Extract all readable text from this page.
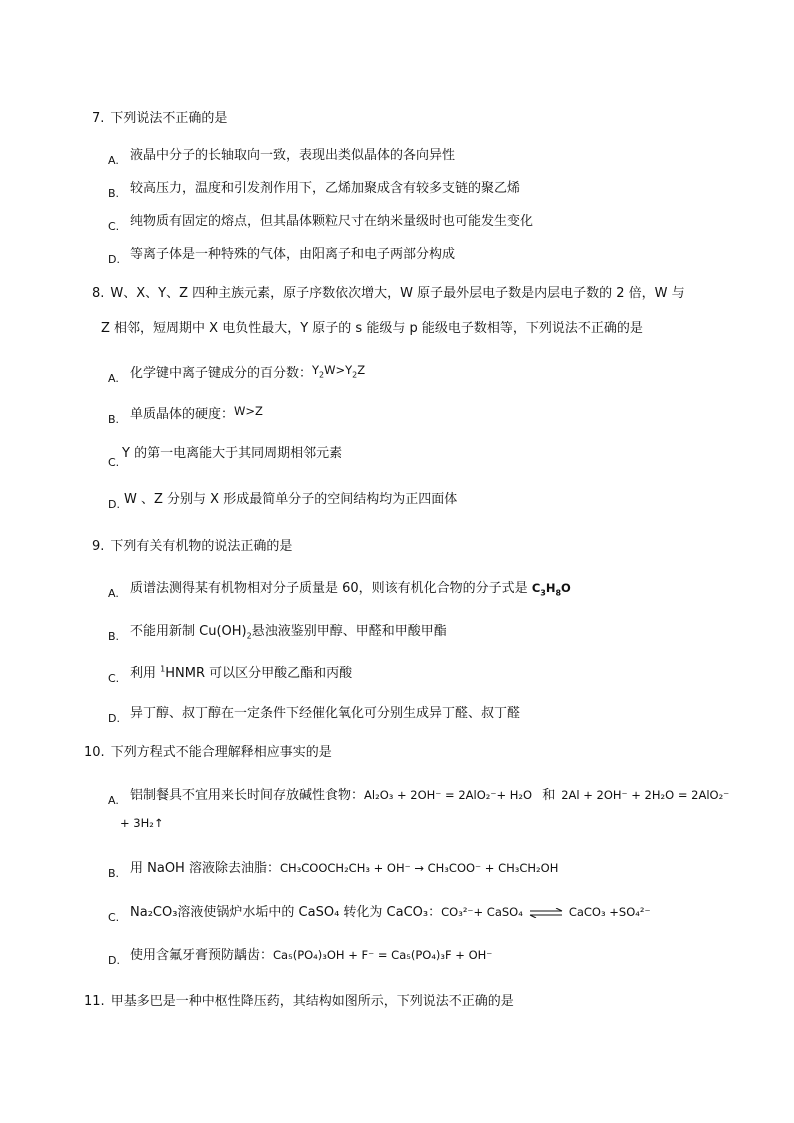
7. 下列说法不正确的是
A. 液晶中分子的长轴取向一致，表现出类似晶体的各向异性
B. 较高压力，温度和引发剂作用下，乙烯加聚成含有较多支链的聚乙烯
C. 纯物质有固定的熔点，但其晶体颗粒尺寸在纳米量级时也可能发生变化
D. 等离子体是一种特殊的气体，由阳离子和电子两部分构成
8. W、X、Y、Z 四种主族元素，原子序数依次增大，W 原子最外层电子数是内层电子数的 2 倍，W 与
Z 相邻，短周期中 X 电负性最大，Y 原子的 s 能级与 p 能级电子数相等，下列说法不正确的是
A. 化学键中离子键成分的百分数：$Y_2W>Y_2Z$
B. 单质晶体的硬度：W>Z
C.Y 的第一电离能大于其同周期相邻元素
D. W 、Z 分别与 X 形成最简单分子的空间结构均为正四面体
9. 下列有关有机物的说法正确的是
A. 质谱法测得某有机物相对分子质量是 60，则该有机化合物的分子式是 $C_3H_8O$
B. 不能用新制 $Cu(OH)_2$悬浊液鉴别甲醇、甲醛和甲酸甲酯
C. 利用 $^1$HNMR 可以区分甲酸乙酯和丙酸
D. 异丁醇、叔丁醇在一定条件下经催化氧化可分别生成异丁醛、叔丁醛
10. 下列方程式不能合理解释相应事实的是
A. 铝制餐具不宜用来长时间存放碱性食物：Al₂O₃ + 2OH⁻ = 2AlO₂⁻+ H₂O 和 2Al + 2OH⁻ + 2H₂O = 2AlO₂⁻
+ 3H₂↑
B. 用 NaOH 溶液除去油脂：CH₃COOCH₂CH₃ + OH⁻ → CH₃COO⁻ + CH₃CH₂OH
C. Na₂CO₃溶液使锅炉水垢中的 CaSO₄ 转化为 CaCO₃：CO₃²⁻+ CaSO₄ ⇌ CaCO₃ +SO₄²⁻
D. 使用含氟牙膏预防龋齿：Ca₅(PO₄)₃OH + F⁻ = Ca₅(PO₄)₃F + OH⁻
11. 甲基多巴是一种中枢性降压药，其结构如图所示，下列说法不正确的是
